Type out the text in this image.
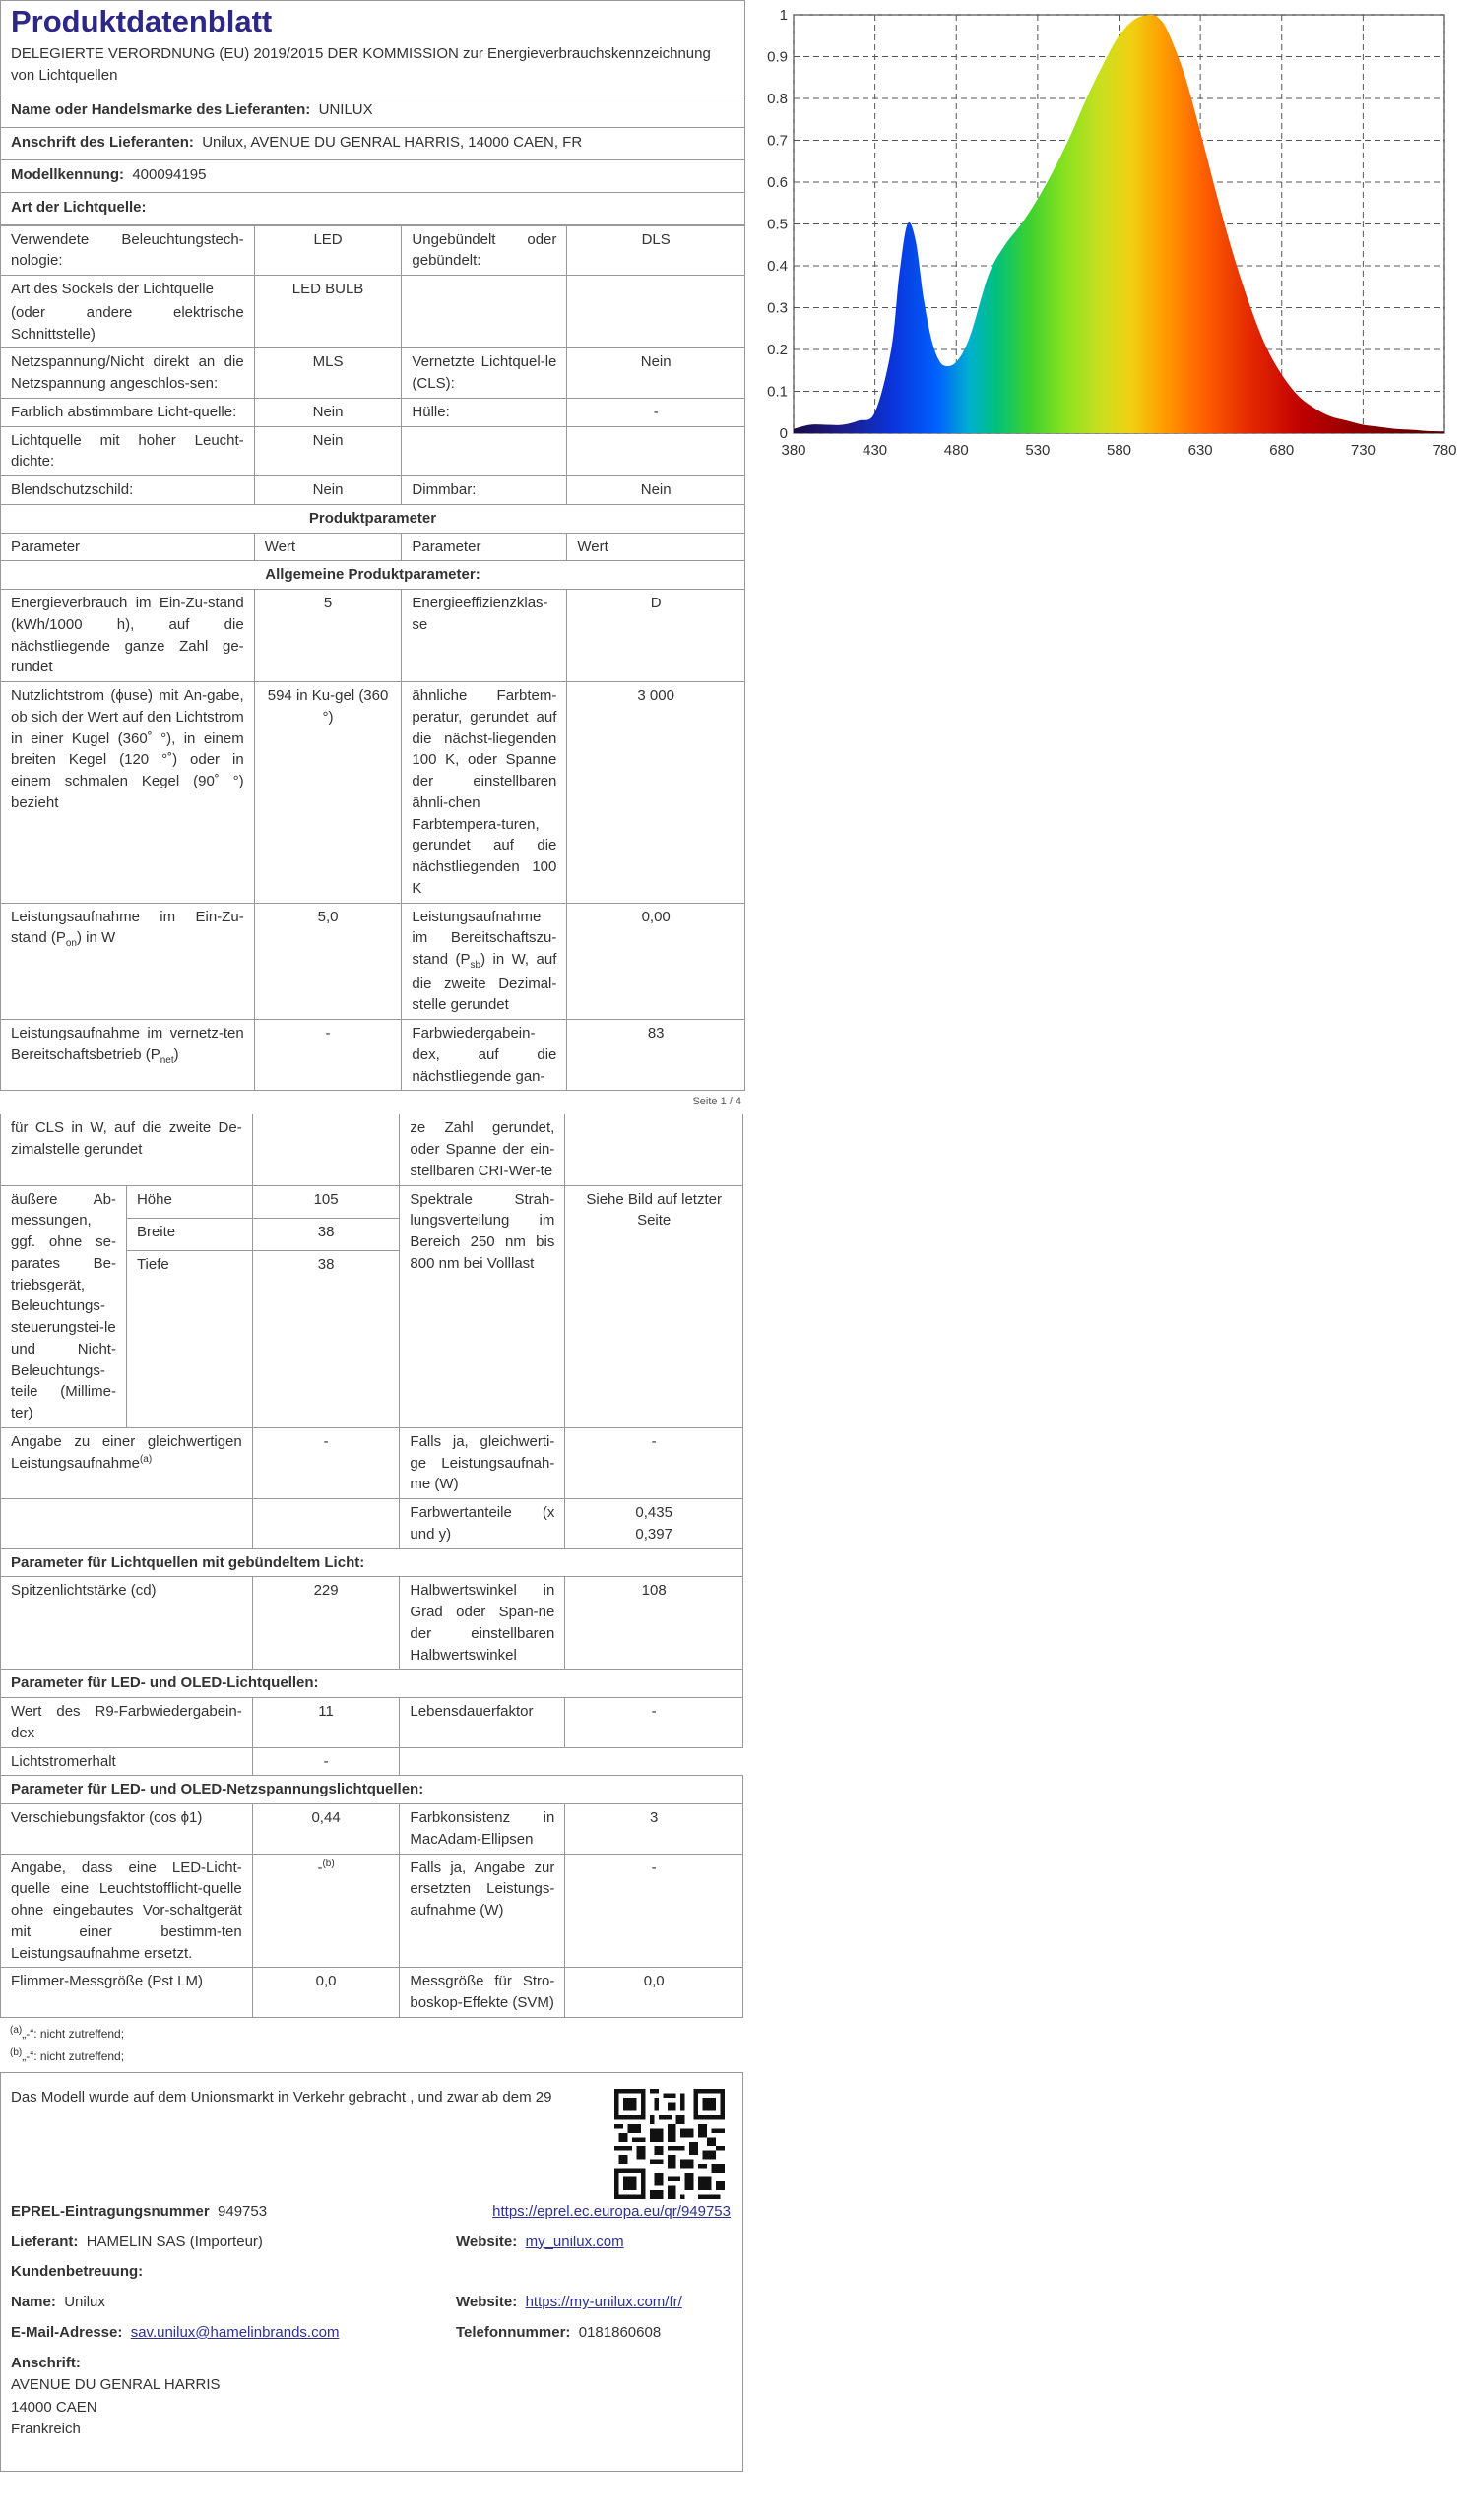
Produktdatenblatt
DELEGIERTE VERORDNUNG (EU) 2019/2015 DER KOMMISSION zur Energieverbrauchskennzeichnung von Lichtquellen
Name oder Handelsmarke des Lieferanten: UNILUX
Anschrift des Lieferanten: Unilux, AVENUE DU GENRAL HARRIS, 14000 CAEN, FR
Modellkennung: 400094195
Art der Lichtquelle:
Verwendete Beleuchtungstech-nologie:	LED	Ungebündelt oder gebündelt:	DLS

Art des Sockels der Lichtquelle
(oder andere elektrische Schnittstelle)	LED BULB		
Netzspannung/Nicht direkt an die Netzspannung angeschlos-sen:	MLS	Vernetzte Lichtquel-le (CLS):	Nein
Farblich abstimmbare Licht-quelle:	Nein	Hülle:	-
Lichtquelle mit hoher Leucht-dichte:	Nein		
Blendschutzschild:	Nein	Dimmbar:	Nein
Produktparameter			
Parameter	Wert	Parameter	Wert
Allgemeine Produktparameter:			
Energieverbrauch im Ein-Zu-stand (kWh/1000 h), auf die nächstliegende ganze Zahl ge-rundet	5	Energieeffizienzklas-se	D
Nutzlichtstrom (ϕuse) mit An-gabe, ob sich der Wert auf den Lichtstrom in einer Kugel (360˚ °), in einem breiten Kegel (120 °˚) oder in einem schmalen Kegel (90˚ °) bezieht	594 in Ku-gel (360 °)	ähnliche Farbtem-peratur, gerundet auf die nächst-liegenden 100 K, oder Spanne der einstellbaren ähnli-chen Farbtempera-turen, gerundet auf die nächstliegenden 100 K	3 000
Leistungsaufnahme im Ein-Zu-stand $(P_{on})$ in W	5,0	Leistungsaufnahme im Bereitschaftszu-stand $(P_{sb})$ in W, auf die zweite Dezimal-stelle gerundet	0,00
Leistungsaufnahme im vernetz-ten Bereitschaftsbetrieb $(P_{net})$	-	Farbwiedergabein-dex, auf die nächstliegende gan-	83
Seite 1 / 4
für CLS in W, auf die zweite De-zimalstelle gerundet			ze Zahl gerundet, oder Spanne der ein-stellbaren CRI-Wer-te	
äußere Ab-messungen, ggf. ohne se-parates Be-triebsgerät, Beleuchtungs-steuerungstei-le und Nicht-Beleuchtungs-teile (Millime-ter)	Höhe	105	Spektrale Strah-lungsverteilung im Bereich 250 nm bis 800 nm bei Volllast	Siehe Bild auf letzter Seite
	Breite	38		
	Tiefe	38		
Angabe zu einer gleichwertigen Leistungsaufnahme$^{(a)}$		-	Falls ja, gleichwerti-ge Leistungsaufnah-me (W)	-
			Farbwertanteile (x und y)	0,435
0,397

Parameter für Lichtquellen mit gebündeltem Licht:				
Spitzenlichtstärke (cd)		229	Halbwertswinkel in Grad oder Span-ne der einstellbaren Halbwertswinkel	108
Parameter für LED- und OLED-Lichtquellen:				
Wert des R9-Farbwiedergabein-dex		11	Lebensdauerfaktor	-
Lichtstromerhalt		-		
Parameter für LED- und OLED-Netzspannungslichtquellen:				
Verschiebungsfaktor (cos ϕ1)		0,44	Farbkonsistenz in MacAdam-Ellipsen	3
Angabe, dass eine LED-Licht-quelle eine Leuchtstofflicht-quelle ohne eingebautes Vor-schaltgerät mit einer bestimm-ten Leistungsaufnahme ersetzt.		-$^{(b)}$	Falls ja, Angabe zur ersetzten Leistungs-aufnahme (W)	-
Flimmer-Messgröße (Pst LM)		0,0	Messgröße für Stro-boskop-Effekte (SVM)	0,0
$^{(a)}$„-“: nicht zutreffend;
$^{(b)}$„-“: nicht zutreffend;
Das Modell wurde auf dem Unionsmarkt in Verkehr gebracht , und zwar ab dem 29
EPREL-Eintragungsnummer 949753	https://eprel.ec.europa.eu/qr/949753
Lieferant: HAMELIN SAS (Importeur)	Website: my_unilux.com
Kundenbetreuung:
Name: Unilux	Website: https://my-unilux.com/fr/
E-Mail-Adresse: sav.unilux@hamelinbrands.com	Telefonnummer: 0181860608
Anschrift:
AVENUE DU GENRAL HARRIS
14000 CAEN
Frankreich
380	430	480	530	580	630	680	730	780
0
0.1
0.2
0.3
0.4
0.5
0.6
0.7
0.8
0.9
1
